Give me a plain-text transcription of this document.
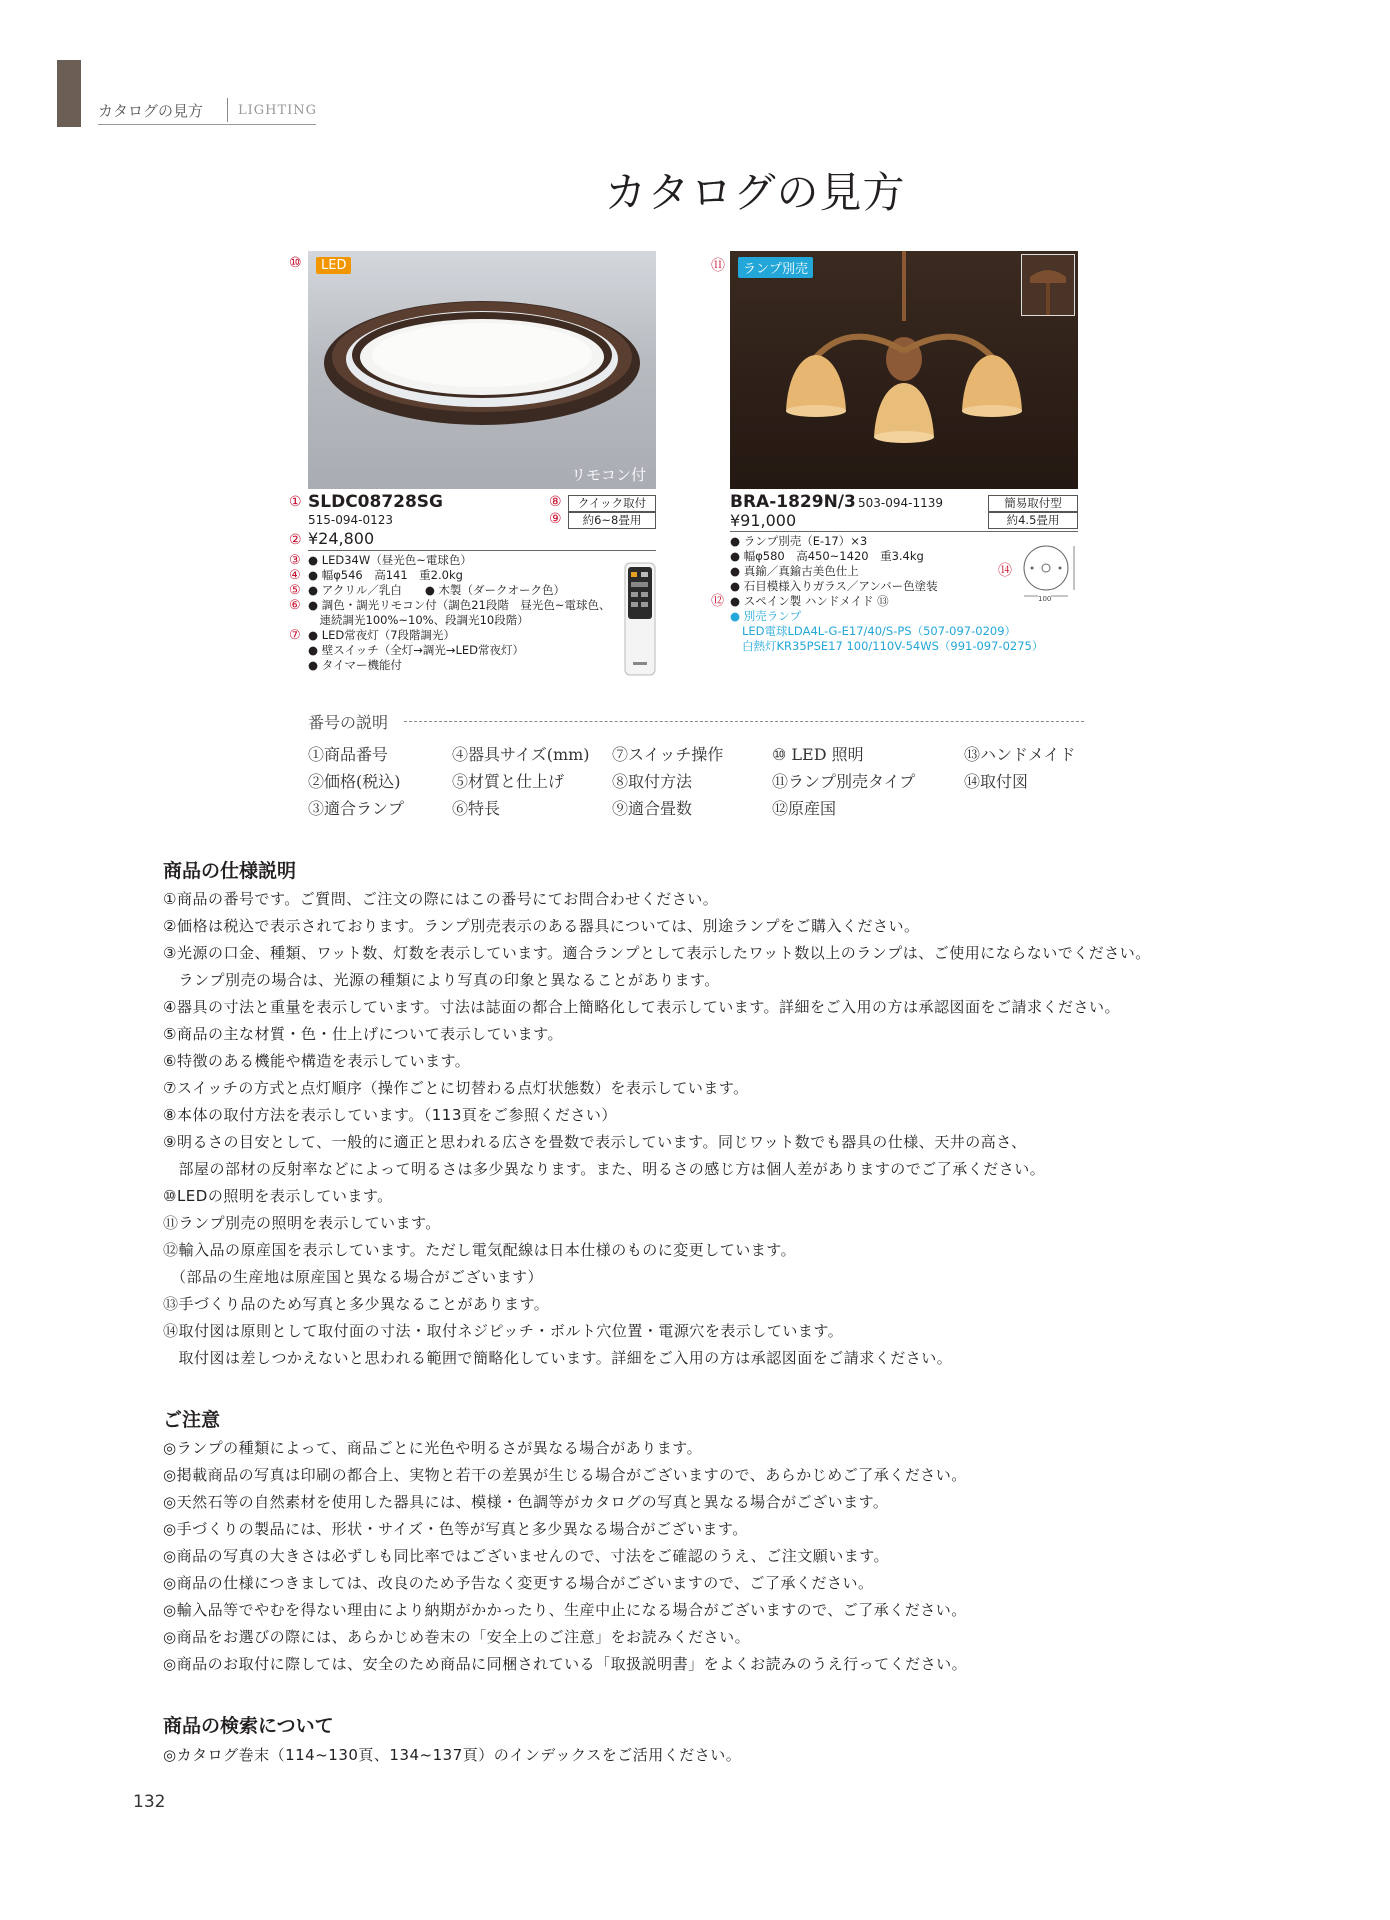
カタログの見方	LIGHTING
カタログの見方
⑩	LED
リモコン付
① SLDC08728SG
515-094-0123
⑧	クイック取付
⑨	約6~8畳用
② ¥24,800
③ ● LED34W（昼光色~電球色）
④ ● 幅φ546　高141　重2.0kg
⑤ ● アクリル／乳白　　● 木製（ダークオーク色）
⑥ ● 調色・調光リモコン付（調色21段階　昼光色~電球色、
　連続調光100%~10%、段調光10段階）
⑦ ● LED常夜灯（7段階調光）
● 壁スイッチ（全灯→調光→LED常夜灯）
● タイマー機能付
⑪	ランプ別売
BRA-1829N/3 503-094-1139
¥91,000
簡易取付型
約4.5畳用
● ランプ別売（E-17）×3
● 幅φ580　高450~1420　重3.4kg
● 真鍮／真鍮古美色仕上
● 石目模様入りガラス／アンバー色塗装
⑫ ● スペイン製 ハンドメイド ⑬
● 別売ランプ
LED電球LDA4L-G-E17/40/S-PS（507-097-0209）
白熱灯KR35PSE17 100/110V-54WS（991-097-0275）
⑭
100
番号の説明
①商品番号	④器具サイズ(mm) ⑦スイッチ操作	⑩ LED 照明	⑬ハンドメイド
②価格(税込)	⑤材質と仕上げ	⑧取付方法	⑪ランプ別売タイプ	⑭取付図
③適合ランプ	⑥特長	⑨適合畳数	⑫原産国
商品の仕様説明
①商品の番号です。ご質問、ご注文の際にはこの番号にてお問合わせください。
②価格は税込で表示されております。ランプ別売表示のある器具については、別途ランプをご購入ください。
③光源の口金、種類、ワット数、灯数を表示しています。適合ランプとして表示したワット数以上のランプは、ご使用にならないでください。
　ランプ別売の場合は、光源の種類により写真の印象と異なることがあります。
④器具の寸法と重量を表示しています。寸法は誌面の都合上簡略化して表示しています。詳細をご入用の方は承認図面をご請求ください。
⑤商品の主な材質・色・仕上げについて表示しています。
⑥特徴のある機能や構造を表示しています。
⑦スイッチの方式と点灯順序（操作ごとに切替わる点灯状態数）を表示しています。
⑧本体の取付方法を表示しています。（113頁をご参照ください）
⑨明るさの目安として、一般的に適正と思われる広さを畳数で表示しています。同じワット数でも器具の仕様、天井の高さ、
　部屋の部材の反射率などによって明るさは多少異なります。また、明るさの感じ方は個人差がありますのでご了承ください。
⑩LEDの照明を表示しています。
⑪ランプ別売の照明を表示しています。
⑫輸入品の原産国を表示しています。ただし電気配線は日本仕様のものに変更しています。
　（部品の生産地は原産国と異なる場合がございます）
⑬手づくり品のため写真と多少異なることがあります。
⑭取付図は原則として取付面の寸法・取付ネジピッチ・ボルト穴位置・電源穴を表示しています。
　取付図は差しつかえないと思われる範囲で簡略化しています。詳細をご入用の方は承認図面をご請求ください。
ご注意
◎ランプの種類によって、商品ごとに光色や明るさが異なる場合があります。
◎掲載商品の写真は印刷の都合上、実物と若干の差異が生じる場合がございますので、あらかじめご了承ください。
◎天然石等の自然素材を使用した器具には、模様・色調等がカタログの写真と異なる場合がございます。
◎手づくりの製品には、形状・サイズ・色等が写真と多少異なる場合がございます。
◎商品の写真の大きさは必ずしも同比率ではございませんので、寸法をご確認のうえ、ご注文願います。
◎商品の仕様につきましては、改良のため予告なく変更する場合がございますので、ご了承ください。
◎輸入品等でやむを得ない理由により納期がかかったり、生産中止になる場合がございますので、ご了承ください。
◎商品をお選びの際には、あらかじめ巻末の「安全上のご注意」をお読みください。
◎商品のお取付に際しては、安全のため商品に同梱されている「取扱説明書」をよくお読みのうえ行ってください。
商品の検索について
◎カタログ巻末（114~130頁、134~137頁）のインデックスをご活用ください。
132
